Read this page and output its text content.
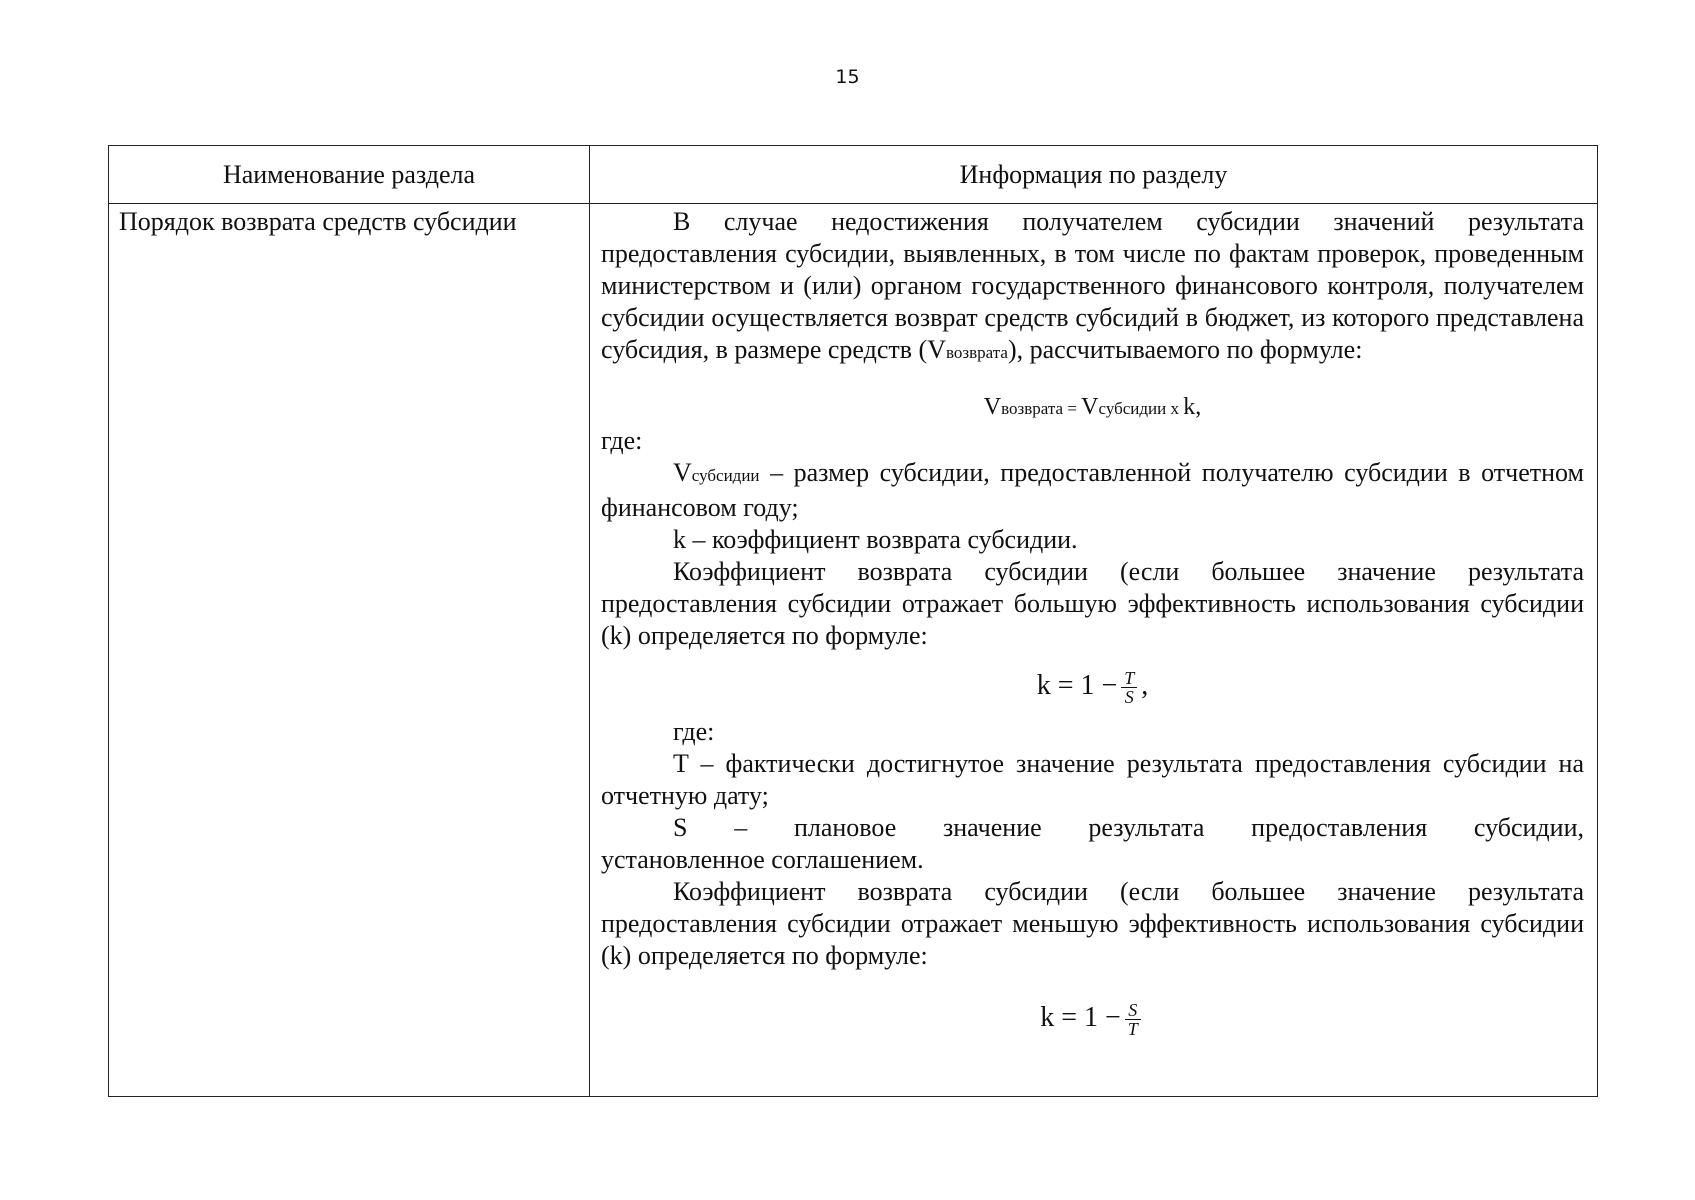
15
Наименование раздела	Информация по разделу
Порядок возврата средств субсидии	В случае недостижения получателем субсидии значений результата предоставления субсидии, выявленных, в том числе по фактам проверок, проведенным министерством и (или) органом государственного финансового контроля, получателем субсидии осуществляется возврат средств субсидий в бюджет, из которого представлена субсидия, в размере средств (Vвозврата), рассчитываемого по формуле:

Vвозврата = Vсубсидии x k,

где:

Vсубсидии – размер субсидии, предоставленной получателю субсидии в отчетном финансовом году;

k – коэффициент возврата субсидии.

Коэффициент возврата субсидии (если большее значение результата предоставления субсидии отражает большую эффективность использования субсидии (k) определяется по формуле:

$k = 1 - \frac{T}{S}$ ,

где:

T – фактически достигнутое значение результата предоставления субсидии на отчетную дату;

S – плановое значение результата предоставления субсидии,

установленное соглашением.

Коэффициент возврата субсидии (если большее значение результата предоставления субсидии отражает меньшую эффективность использования субсидии (k) определяется по формуле:

$k = 1 - \frac{S}{T}$
